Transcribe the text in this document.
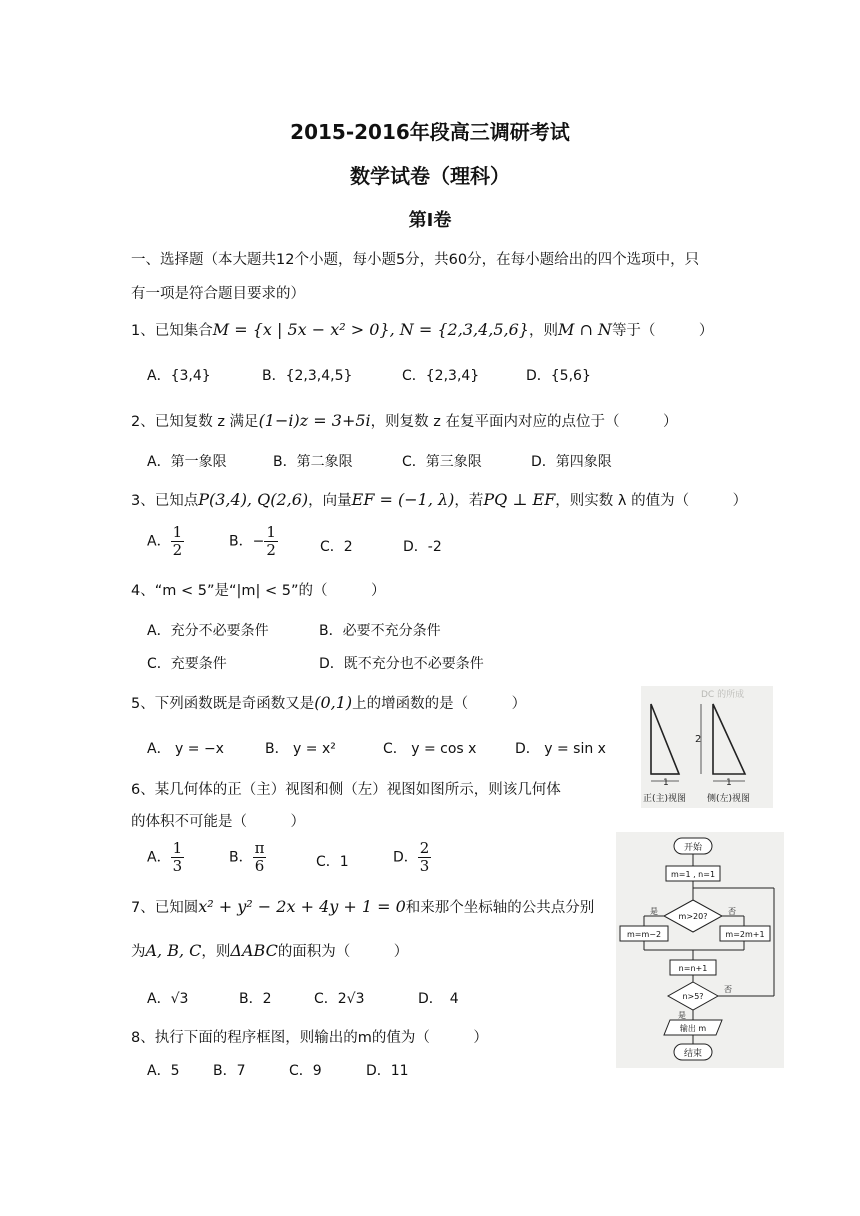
2015-2016年段高三调研考试
数学试卷（理科）
第Ⅰ卷
一、选择题（本大题共12个小题，每小题5分，共60分，在每小题给出的四个选项中，只
有一项是符合题目要求的）
1、已知集合M = {x | 5x − x² > 0}, N = {2,3,4,5,6}，则M ∩ N等于（　　　）
A．{3,4}	B．{2,3,4,5}	C．{2,3,4}	D．{5,6}
2、已知复数 z 满足(1−i)z = 3+5i，则复数 z 在复平面内对应的点位于（　　　）
A．第一象限	B．第二象限	C．第三象限	D．第四象限
3、已知点P(3,4), Q(2,6)，向量EF = (−1, λ)，若PQ ⊥ EF，则实数 λ 的值为（　　　）
A． $\frac{1}{2}$	B．− $\frac{1}{2}$	C．2	D．-2
4、“m < 5”是“|m| < 5”的（　　　）
A．充分不必要条件	B．必要不充分条件
C．充要条件	D．既不充分也不必要条件
5、下列函数既是奇函数又是(0,1)上的增函数的是（　　　）
A． y = −x	B． y = x²	C． y = cos x	D． y = sin x
6、某几何体的正（主）视图和侧（左）视图如图所示，则该几何体
的体积不可能是（　　　）
A． $\frac{1}{3}$	B． $\frac{\pi}{6}$	C．1	D． $\frac{2}{3}$
7、已知圆x² + y² − 2x + 4y + 1 = 0和来那个坐标轴的公共点分别
为A, B, C，则ΔABC的面积为（　　　）
A．√3	B．2	C．2√3	D．　4
8、执行下面的程序框图，则输出的m的值为（　　　）
A．5 B．7	C．9	D．11
DC 的所成
1
2
1
正(主)视图 侧(左)视图
开始
m=1 , n=1
m>20?
是	否
m=m−2	m=2m+1
n=n+1
n>5?
否
是
输出 m
结束
